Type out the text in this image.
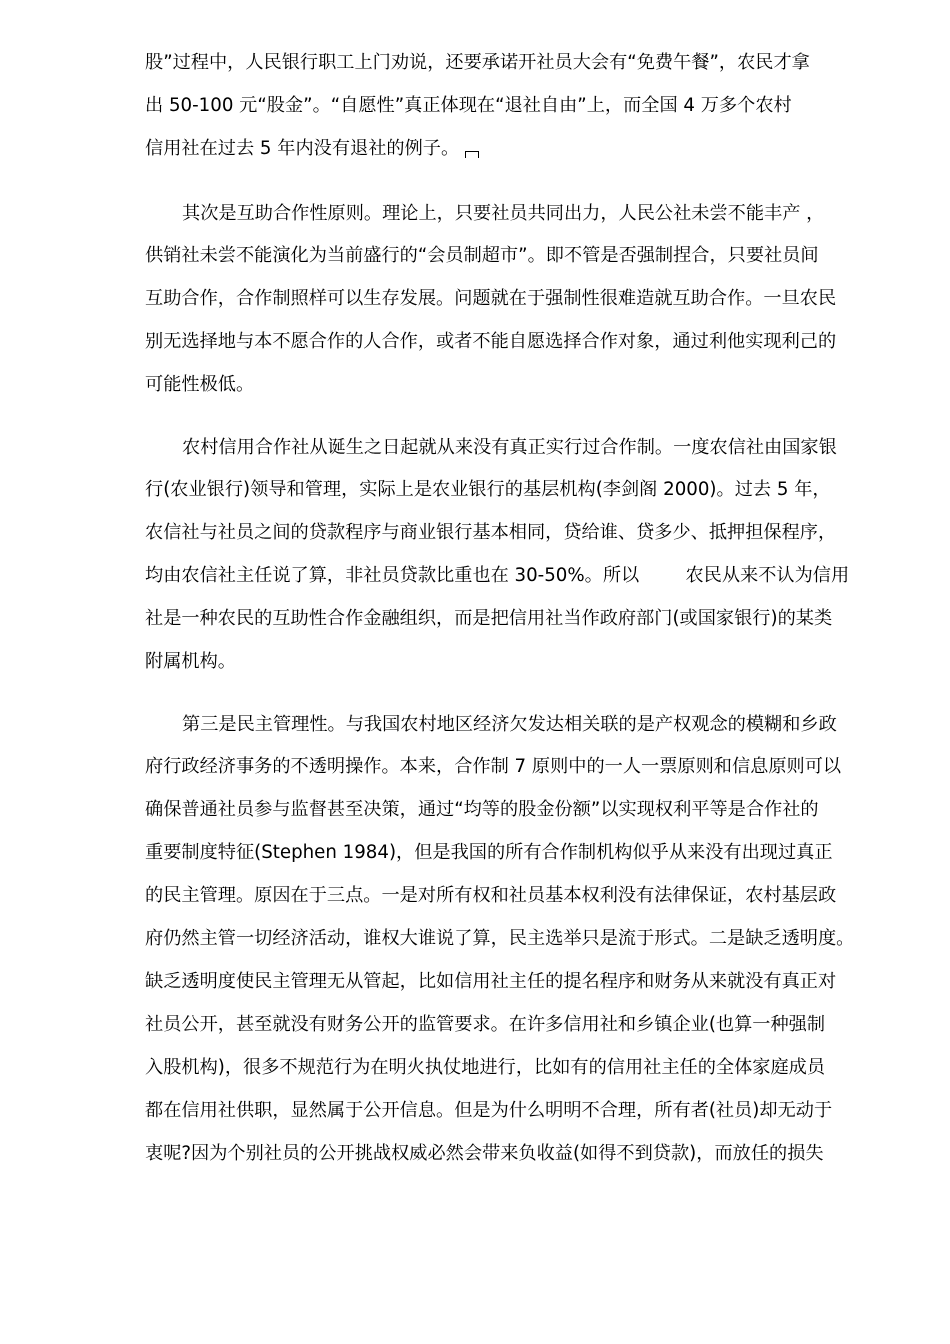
股”过程中，人民银行职工上门劝说，还要承诺开社员大会有“免费午餐”，农民才拿
出 50-100 元“股金”。“自愿性”真正体现在“退社自由”上，而全国 4 万多个农村
信用社在过去 5 年内没有退社的例子。
其次是互助合作性原则。理论上，只要社员共同出力，人民公社未尝不能丰产 ，
供销社未尝不能演化为当前盛行的“会员制超市”。即不管是否强制捏合，只要社员间
互助合作，合作制照样可以生存发展。问题就在于强制性很难造就互助合作。一旦农民
别无选择地与本不愿合作的人合作，或者不能自愿选择合作对象，通过利他实现利己的
可能性极低。
农村信用合作社从诞生之日起就从来没有真正实行过合作制。一度农信社由国家银
行(农业银行)领导和管理，实际上是农业银行的基层机构(李剑阁 2000)。过去 5 年，
农信社与社员之间的贷款程序与商业银行基本相同，贷给谁、贷多少、抵押担保程序，
均由农信社主任说了算，非社员贷款比重也在 30-50%。所以        农民从来不认为信用
社是一种农民的互助性合作金融组织，而是把信用社当作政府部门(或国家银行)的某类
附属机构。
第三是民主管理性。与我国农村地区经济欠发达相关联的是产权观念的模糊和乡政
府行政经济事务的不透明操作。本来，合作制 7 原则中的一人一票原则和信息原则可以
确保普通社员参与监督甚至决策，通过“均等的股金份额”以实现权利平等是合作社的
重要制度特征(Stephen 1984)，但是我国的所有合作制机构似乎从来没有出现过真正
的民主管理。原因在于三点。一是对所有权和社员基本权利没有法律保证，农村基层政
府仍然主管一切经济活动，谁权大谁说了算，民主选举只是流于形式。二是缺乏透明度。
缺乏透明度使民主管理无从管起，比如信用社主任的提名程序和财务从来就没有真正对
社员公开，甚至就没有财务公开的监管要求。在许多信用社和乡镇企业(也算一种强制
入股机构)，很多不规范行为在明火执仗地进行，比如有的信用社主任的全体家庭成员
都在信用社供职，显然属于公开信息。但是为什么明明不合理，所有者(社员)却无动于
衷呢?因为个别社员的公开挑战权威必然会带来负收益(如得不到贷款)，而放任的损失
